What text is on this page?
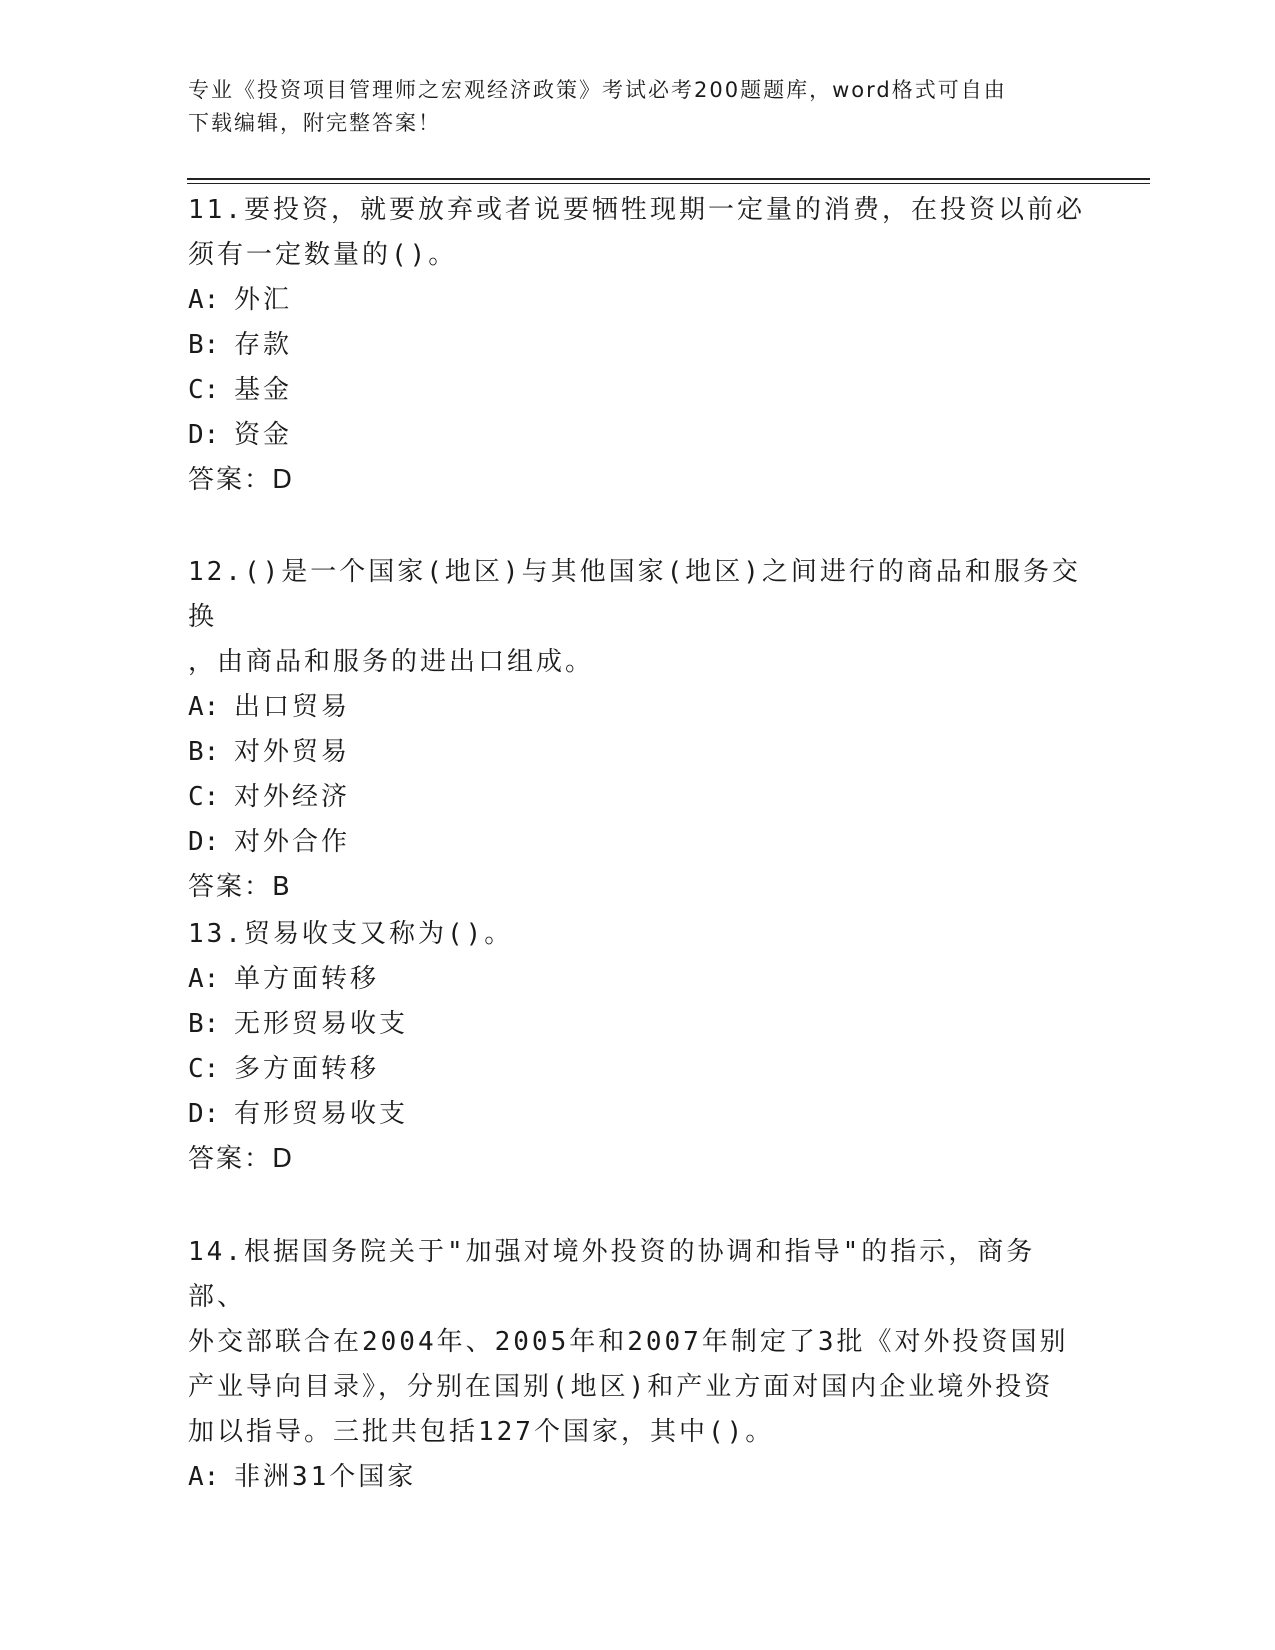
专业《投资项目管理师之宏观经济政策》考试必考200题题库，word格式可自由
下载编辑，附完整答案！
11.要投资，就要放弃或者说要牺牲现期一定量的消费，在投资以前必
须有一定数量的()。
A: 外汇
B: 存款
C: 基金
D: 资金
答案：D
12.()是一个国家(地区)与其他国家(地区)之间进行的商品和服务交换
，由商品和服务的进出口组成。
A: 出口贸易
B: 对外贸易
C: 对外经济
D: 对外合作
答案：B
13.贸易收支又称为()。
A: 单方面转移
B: 无形贸易收支
C: 多方面转移
D: 有形贸易收支
答案：D
14.根据国务院关于"加强对境外投资的协调和指导"的指示，商务部、
外交部联合在2004年、2005年和2007年制定了3批《对外投资国别
产业导向目录》，分别在国别(地区)和产业方面对国内企业境外投资
加以指导。三批共包括127个国家，其中()。
A: 非洲31个国家
